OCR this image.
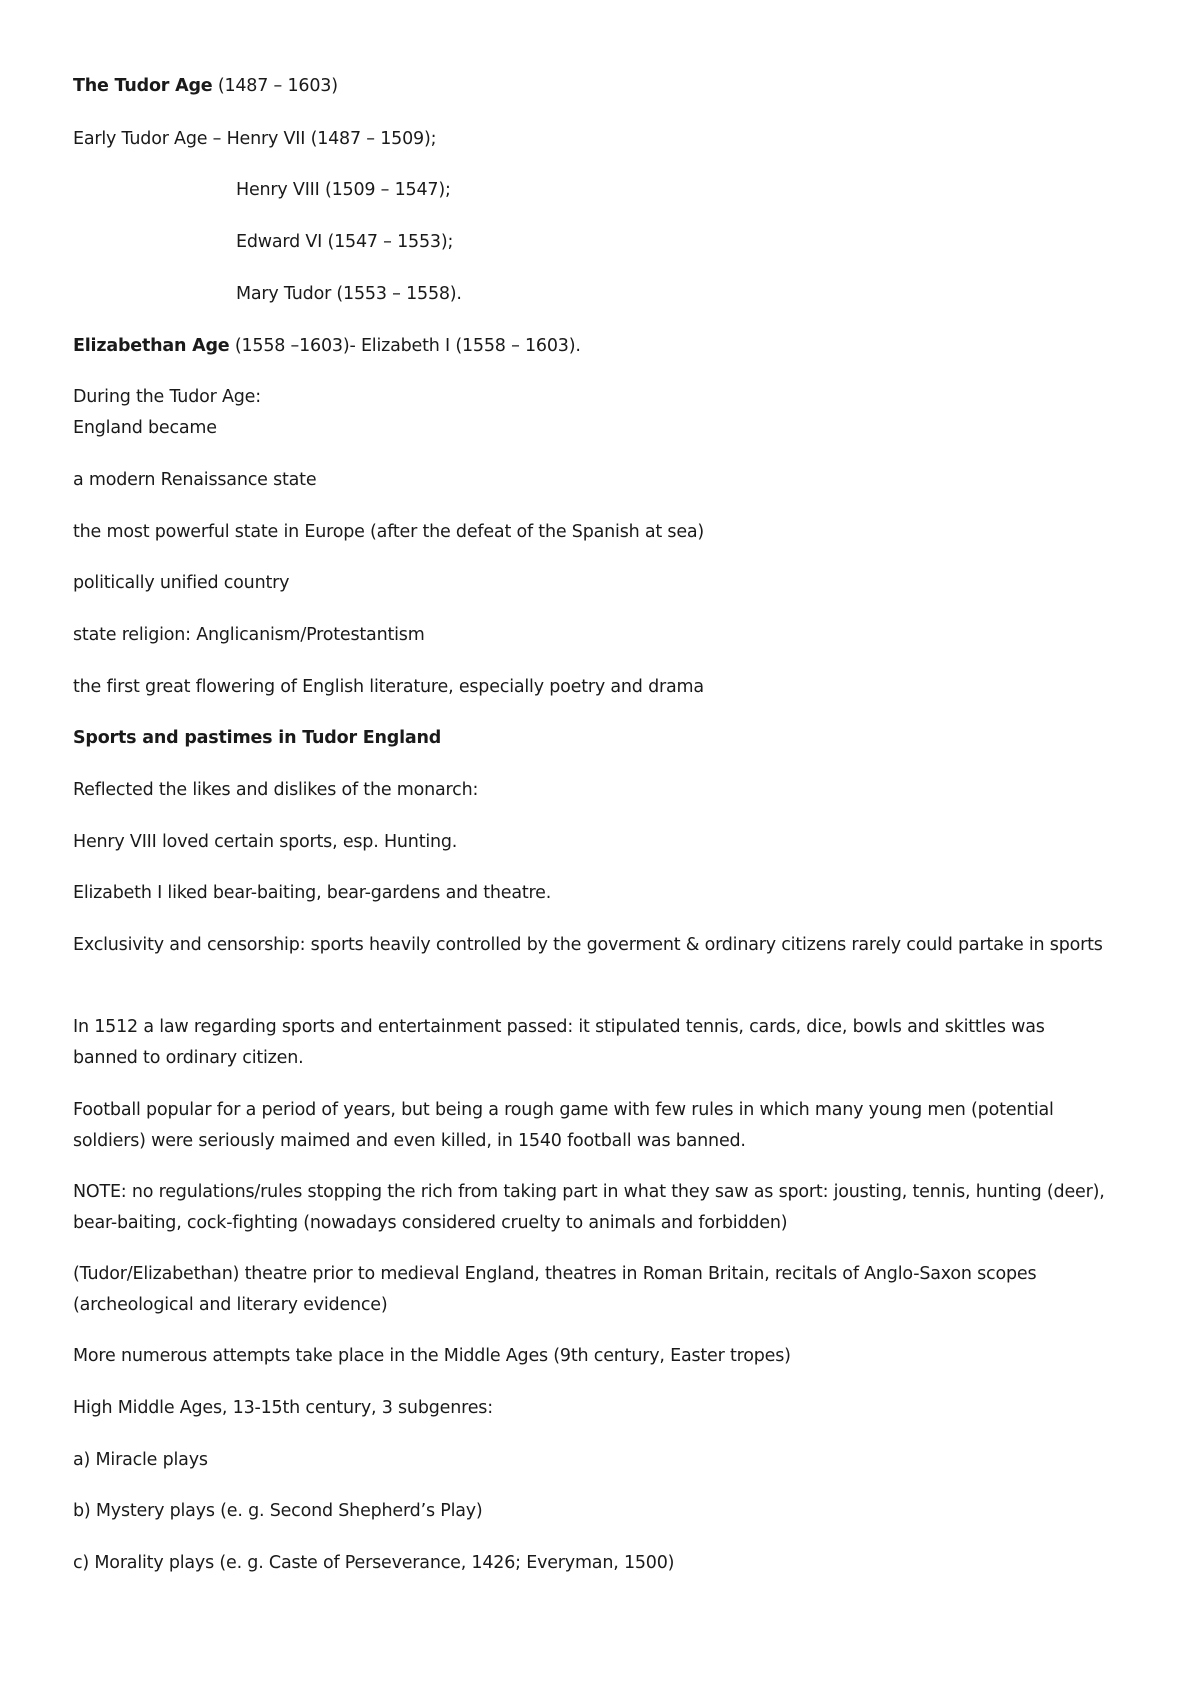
The Tudor Age (1487 – 1603)
Early Tudor Age – Henry VII (1487 – 1509);
Henry VIII (1509 – 1547);
Edward VI (1547 – 1553);
Mary Tudor (1553 – 1558).
Elizabethan Age (1558 –1603)- Elizabeth I (1558 – 1603).
During the Tudor Age:
England became
a modern Renaissance state
the most powerful state in Europe (after the defeat of the Spanish at sea)
politically unified country
state religion: Anglicanism/Protestantism
the first great flowering of English literature, especially poetry and drama
Sports and pastimes in Tudor England
Reflected the likes and dislikes of the monarch:
Henry VIII loved certain sports, esp. Hunting.
Elizabeth I liked bear-baiting, bear-gardens and theatre.
Exclusivity and censorship: sports heavily controlled by the goverment & ordinary citizens rarely could partake in sports
In 1512 a law regarding sports and entertainment passed: it stipulated tennis, cards, dice, bowls and skittles was banned to ordinary citizen.
Football popular for a period of years, but being a rough game with few rules in which many young men (potential soldiers) were seriously maimed and even killed, in 1540 football was banned.
NOTE: no regulations/rules stopping the rich from taking part in what they saw as sport: jousting, tennis, hunting (deer), bear-baiting, cock-fighting (nowadays considered cruelty to animals and forbidden)
(Tudor/Elizabethan) theatre prior to medieval England, theatres in Roman Britain, recitals of Anglo-Saxon scopes (archeological and literary evidence)
More numerous attempts take place in the Middle Ages (9th century, Easter tropes)
High Middle Ages, 13-15th century, 3 subgenres:
a) Miracle plays
b) Mystery plays (e. g. Second Shepherd’s Play)
c) Morality plays (e. g. Caste of Perseverance, 1426; Everyman, 1500)
